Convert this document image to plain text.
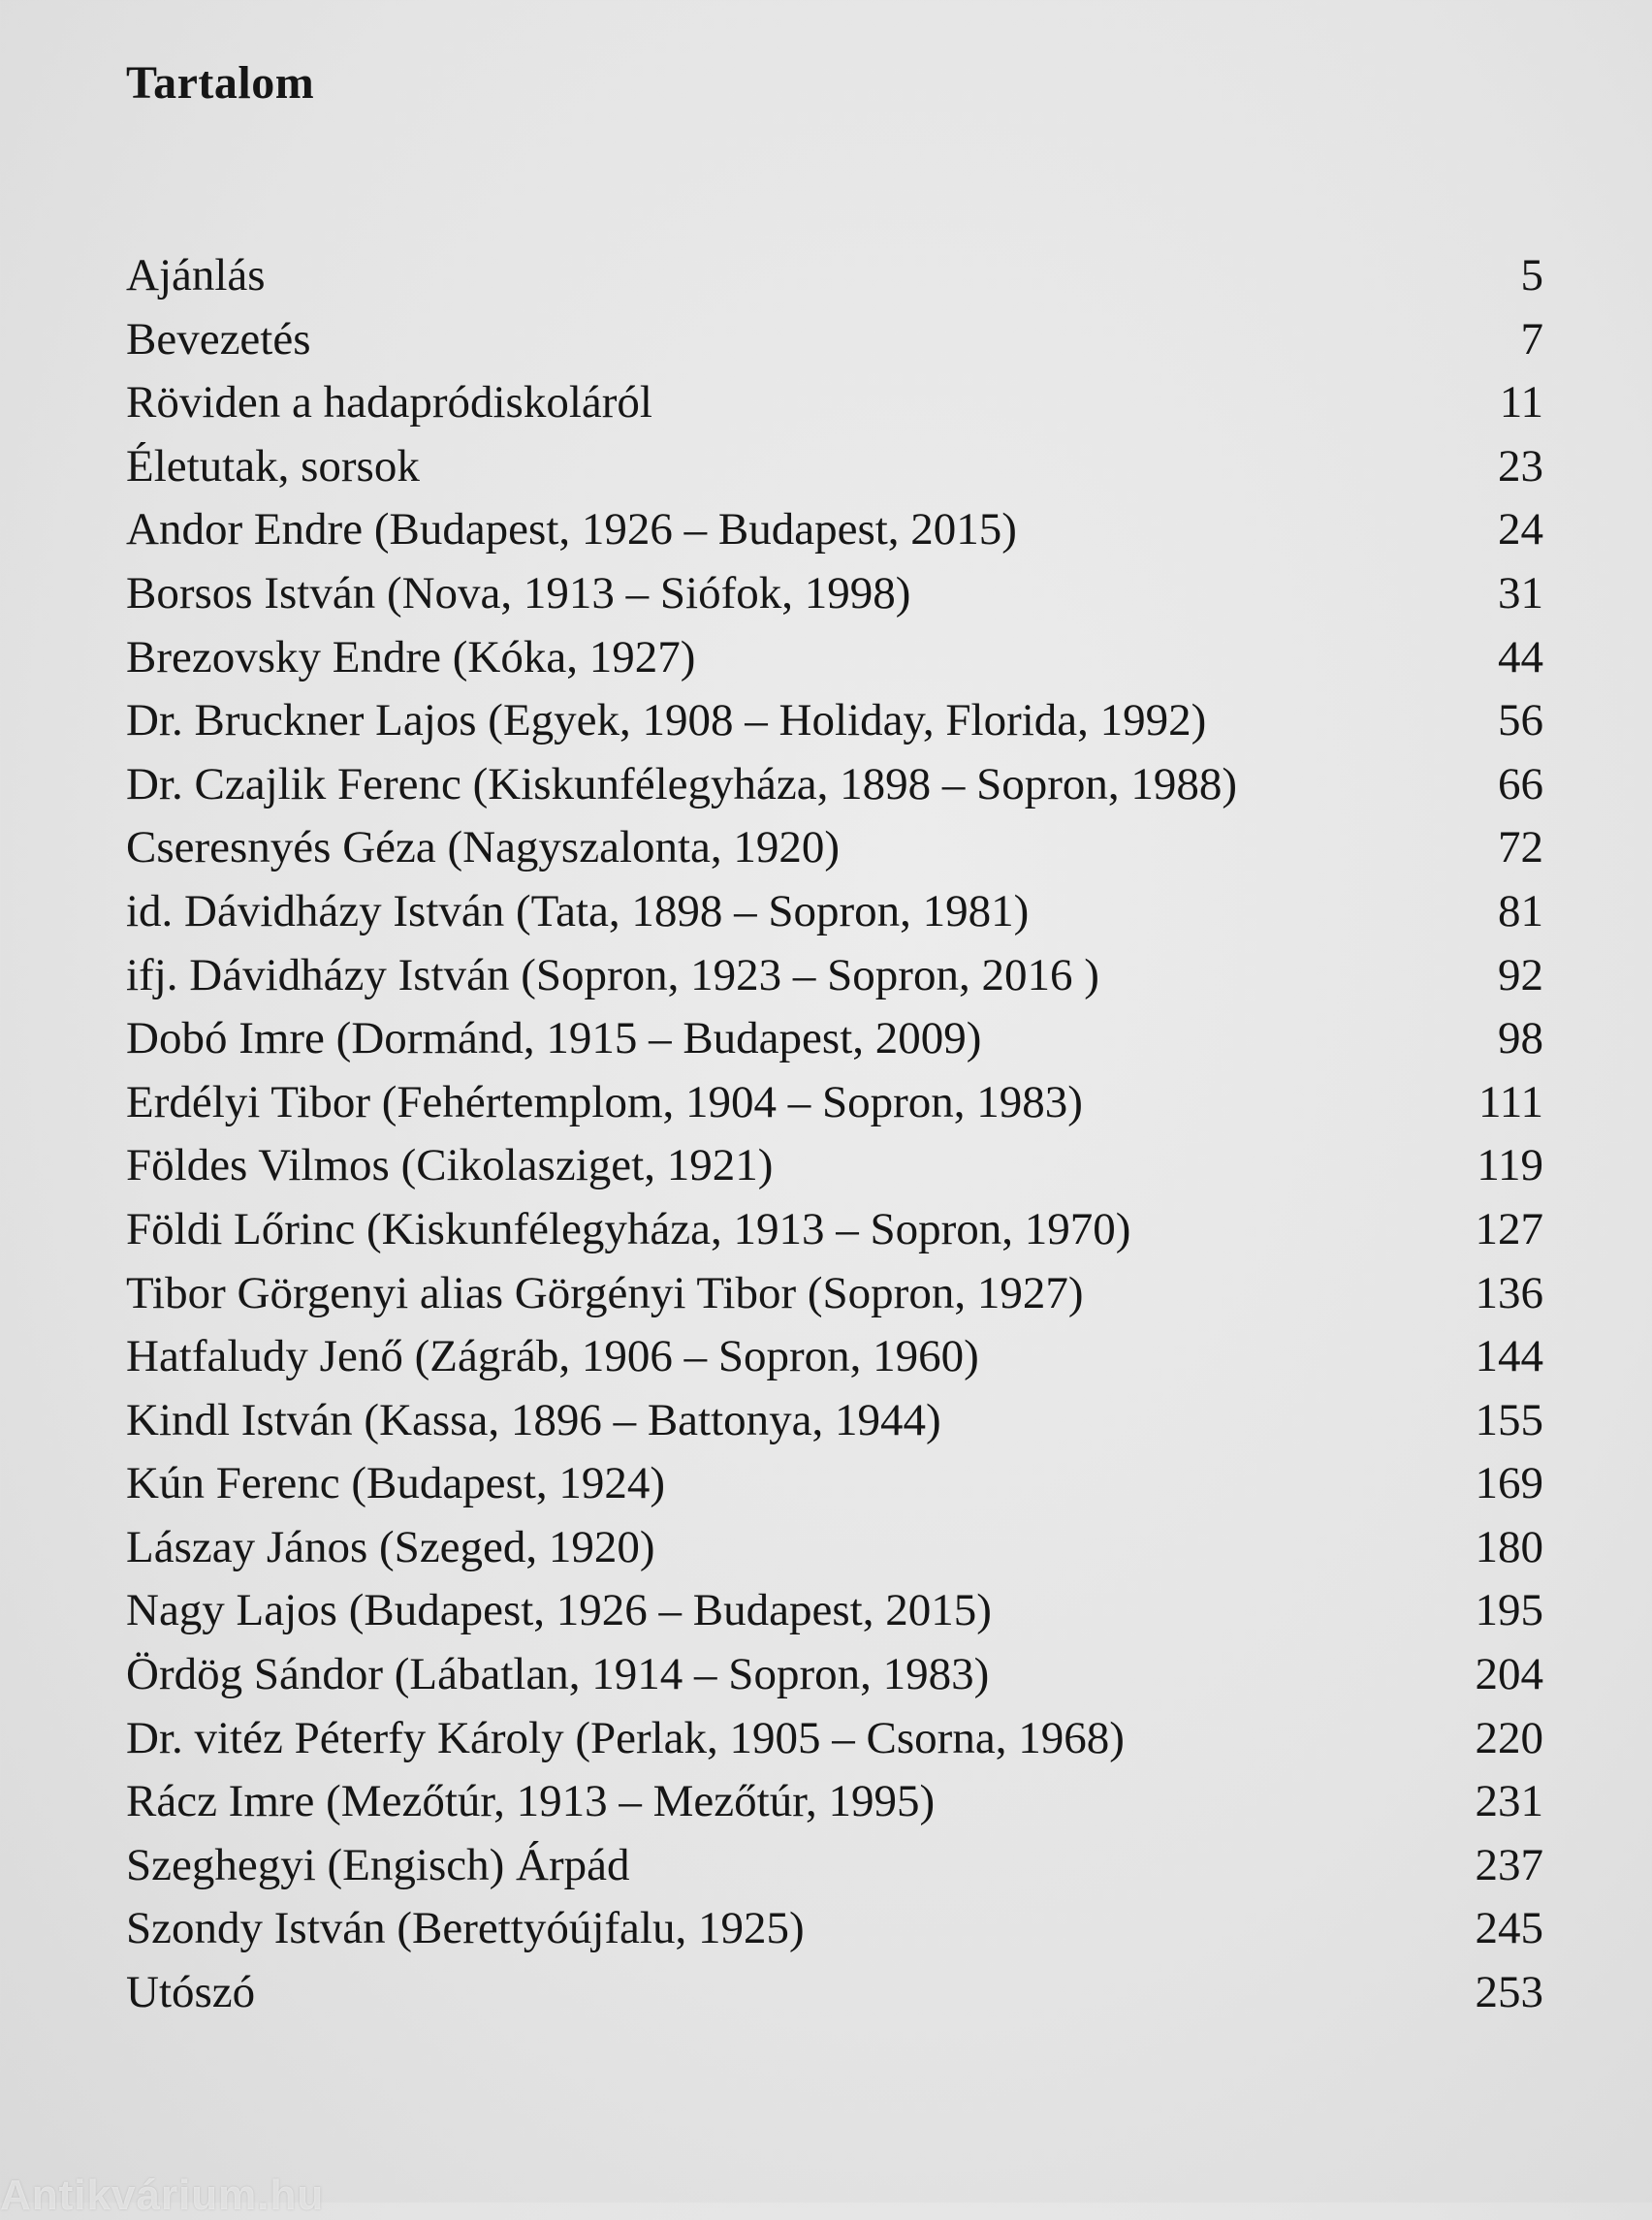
Tartalom
Ajánlás	5
Bevezetés	7
Röviden a hadapródiskoláról	11
Életutak, sorsok	23
Andor Endre (Budapest, 1926 – Budapest, 2015)	24
Borsos István (Nova, 1913 – Siófok, 1998)	31
Brezovsky Endre (Kóka, 1927)	44
Dr. Bruckner Lajos (Egyek, 1908 – Holiday, Florida, 1992)	56
Dr. Czajlik Ferenc (Kiskunfélegyháza, 1898 – Sopron, 1988)	66
Cseresnyés Géza (Nagyszalonta, 1920)	72
id. Dávidházy István (Tata, 1898 – Sopron, 1981)	81
ifj. Dávidházy István (Sopron, 1923 – Sopron, 2016 )	92
Dobó Imre (Dormánd, 1915 – Budapest, 2009)	98
Erdélyi Tibor (Fehértemplom, 1904 – Sopron, 1983)	111
Földes Vilmos (Cikolasziget, 1921)	119
Földi Lőrinc (Kiskunfélegyháza, 1913 – Sopron, 1970)	127
Tibor Görgenyi alias Görgényi Tibor (Sopron, 1927)	136
Hatfaludy Jenő (Zágráb, 1906 – Sopron, 1960)	144
Kindl István (Kassa, 1896 – Battonya, 1944)	155
Kún Ferenc (Budapest, 1924)	169
Lászay János (Szeged, 1920)	180
Nagy Lajos (Budapest, 1926 – Budapest, 2015)	195
Ördög Sándor (Lábatlan, 1914 – Sopron, 1983)	204
Dr. vitéz Péterfy Károly (Perlak, 1905 – Csorna, 1968)	220
Rácz Imre (Mezőtúr, 1913 – Mezőtúr, 1995)	231
Szeghegyi (Engisch) Árpád	237
Szondy István (Berettyóújfalu, 1925)	245
Utószó	253
Antikvárium.hu
